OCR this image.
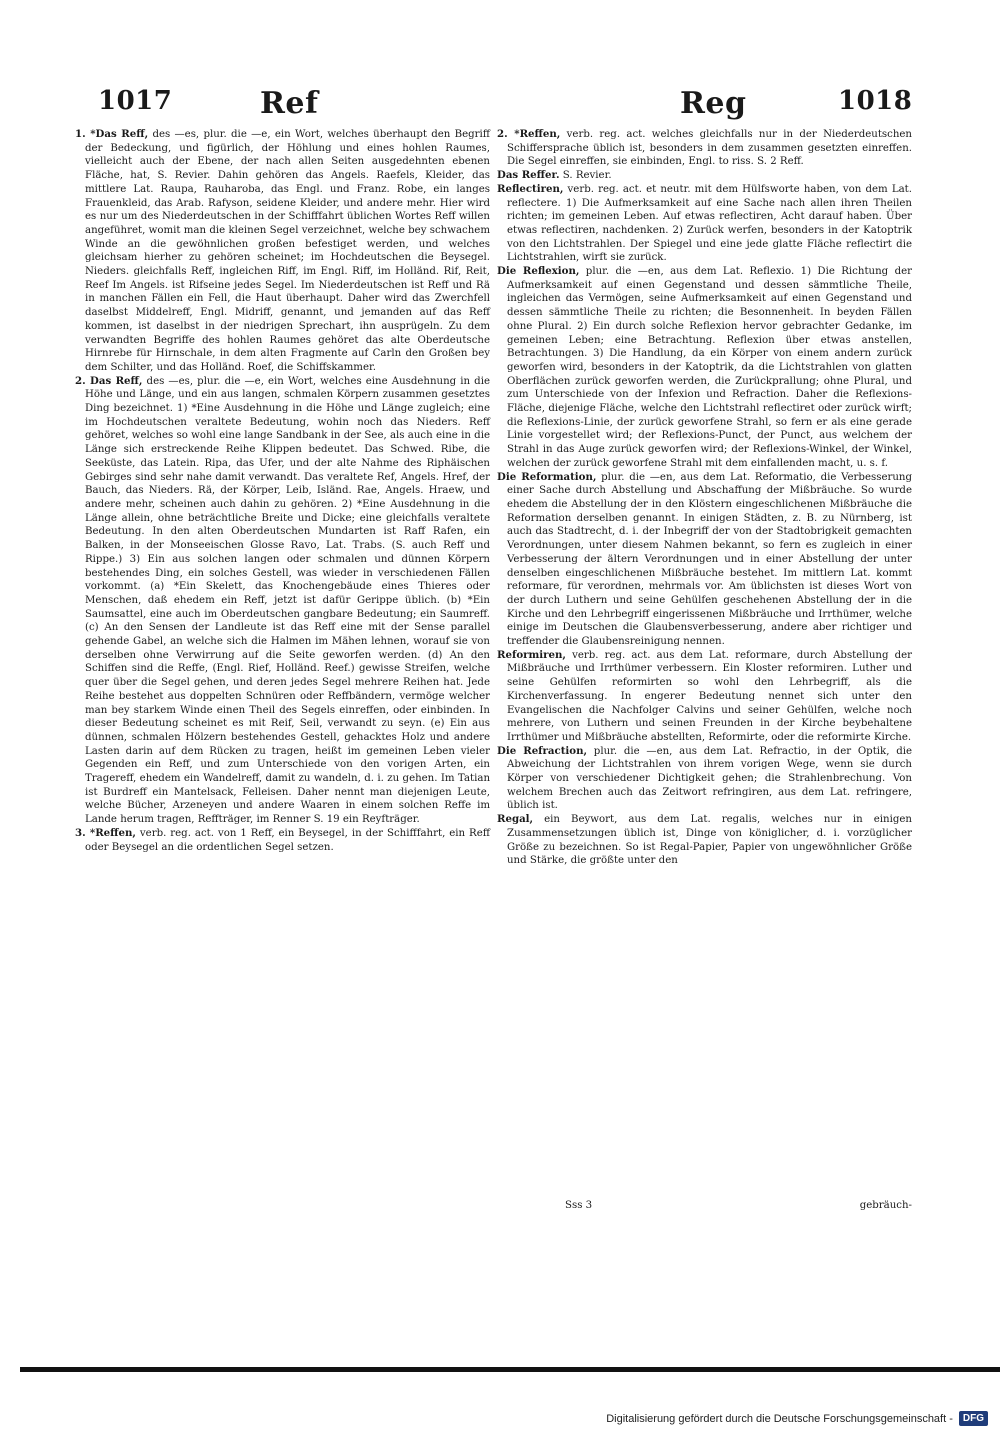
1017	Ref	Reg	1018

1. *Das Reff, des —es, plur. die —e, ein Wort, welches überhaupt den Begriff der Bedeckung, und figürlich, der Höhlung und eines hohlen Raumes, vielleicht auch der Ebene, der nach allen Seiten ausgedehnten ebenen Fläche, hat, S. Revier. Dahin gehören das Angels. Raefels, Kleider, das mittlere Lat. Raupa, Rauharoba, das Engl. und Franz. Robe, ein langes Frauenkleid, das Arab. Rafyson, seidene Kleider, und andere mehr. Hier wird es nur um des Niederdeutschen in der Schifffahrt üblichen Wortes Reff willen angeführet, womit man die kleinen Segel verzeichnet, welche bey schwachem Winde an die gewöhnlichen großen befestiget werden, und welches gleichsam hierher zu gehören scheinet; im Hochdeutschen die Beysegel. Nieders. gleichfalls Reff, ingleichen Riff, im Engl. Riff, im Holländ. Rif, Reit, Reef Im Angels. ist Rifseine jedes Segel. Im Niederdeutschen ist Reff und Rä in manchen Fällen ein Fell, die Haut überhaupt. Daher wird das Zwerchfell daselbst Middelreff, Engl. Midriff, genannt, und jemanden auf das Reff kommen, ist daselbst in der niedrigen Sprechart, ihn ausprügeln. Zu dem verwandten Begriffe des hohlen Raumes gehöret das alte Oberdeutsche Hirnrebe für Hirnschale, in dem alten Fragmente auf Carln den Großen bey dem Schilter, und das Holländ. Roef, die Schiffskammer.

2. Das Reff, des —es, plur. die —e, ein Wort, welches eine Ausdehnung in die Höhe und Länge, und ein aus langen, schmalen Körpern zusammen gesetztes Ding bezeichnet. 1) *Eine Ausdehnung in die Höhe und Länge zugleich; eine im Hochdeutschen veraltete Bedeutung, wohin noch das Nieders. Reff gehöret, welches so wohl eine lange Sandbank in der See, als auch eine in die Länge sich erstreckende Reihe Klippen bedeutet. Das Schwed. Ribe, die Seeküste, das Latein. Ripa, das Ufer, und der alte Nahme des Riphäischen Gebirges sind sehr nahe damit verwandt. Das veraltete Ref, Angels. Href, der Bauch, das Nieders. Rä, der Körper, Leib, Isländ. Rae, Angels. Hraew, und andere mehr, scheinen auch dahin zu gehören. 2) *Eine Ausdehnung in die Länge allein, ohne beträchtliche Breite und Dicke; eine gleichfalls veraltete Bedeutung. In den alten Oberdeutschen Mundarten ist Raff Rafen, ein Balken, in der Monseeischen Glosse Ravo, Lat. Trabs. (S. auch Reff und Rippe.) 3) Ein aus solchen langen oder schmalen und dünnen Körpern bestehendes Ding, ein solches Gestell, was wieder in verschiedenen Fällen vorkommt. (a) *Ein Skelett, das Knochengebäude eines Thieres oder Menschen, daß ehedem ein Reff, jetzt ist dafür Gerippe üblich. (b) *Ein Saumsattel, eine auch im Oberdeutschen gangbare Bedeutung; ein Saumreff. (c) An den Sensen der Landleute ist das Reff eine mit der Sense parallel gehende Gabel, an welche sich die Halmen im Mähen lehnen, worauf sie von derselben ohne Verwirrung auf die Seite geworfen werden. (d) An den Schiffen sind die Reffe, (Engl. Rief, Holländ. Reef.) gewisse Streifen, welche quer über die Segel gehen, und deren jedes Segel mehrere Reihen hat. Jede Reihe bestehet aus doppelten Schnüren oder Reffbändern, vermöge welcher man bey starkem Winde einen Theil des Segels einreffen, oder einbinden. In dieser Bedeutung scheinet es mit Reif, Seil, verwandt zu seyn. (e) Ein aus dünnen, schmalen Hölzern bestehendes Gestell, gehacktes Holz und andere Lasten darin auf dem Rücken zu tragen, heißt im gemeinen Leben vieler Gegenden ein Reff, und zum Unterschiede von den vorigen Arten, ein Tragereff, ehedem ein Wandelreff, damit zu wandeln, d. i. zu gehen. Im Tatian ist Burdreff ein Mantelsack, Felleisen. Daher nennt man diejenigen Leute, welche Bücher, Arzeneyen und andere Waaren in einem solchen Reffe im Lande herum tragen, Reffträger, im Renner S. 19 ein Reyfträger.

3. *Reffen, verb. reg. act. von 1 Reff, ein Beysegel, in der Schifffahrt, ein Reff oder Beysegel an die ordentlichen Segel setzen.

2. *Reffen, verb. reg. act. welches gleichfalls nur in der Niederdeutschen Schiffersprache üblich ist, besonders in dem zusammen gesetzten einreffen. Die Segel einreffen, sie einbinden, Engl. to riss. S. 2 Reff.

Das Reffer. S. Revier.

Reflectiren, verb. reg. act. et neutr. mit dem Hülfsworte haben, von dem Lat. reflectere. 1) Die Aufmerksamkeit auf eine Sache nach allen ihren Theilen richten; im gemeinen Leben. Auf etwas reflectiren, Acht darauf haben. Über etwas reflectiren, nachdenken. 2) Zurück werfen, besonders in der Katoptrik von den Lichtstrahlen. Der Spiegel und eine jede glatte Fläche reflectirt die Lichtstrahlen, wirft sie zurück.

Die Reflexion, plur. die —en, aus dem Lat. Reflexio. 1) Die Richtung der Aufmerksamkeit auf einen Gegenstand und dessen sämmtliche Theile, ingleichen das Vermögen, seine Aufmerksamkeit auf einen Gegenstand und dessen sämmtliche Theile zu richten; die Besonnenheit. In beyden Fällen ohne Plural. 2) Ein durch solche Reflexion hervor gebrachter Gedanke, im gemeinen Leben; eine Betrachtung. Reflexion über etwas anstellen, Betrachtungen. 3) Die Handlung, da ein Körper von einem andern zurück geworfen wird, besonders in der Katoptrik, da die Lichtstrahlen von glatten Oberflächen zurück geworfen werden, die Zurückprallung; ohne Plural, und zum Unterschiede von der Infexion und Refraction. Daher die Reflexions-Fläche, diejenige Fläche, welche den Lichtstrahl reflectiret oder zurück wirft; die Reflexions-Linie, der zurück geworfene Strahl, so fern er als eine gerade Linie vorgestellet wird; der Reflexions-Punct, der Punct, aus welchem der Strahl in das Auge zurück geworfen wird; der Reflexions-Winkel, der Winkel, welchen der zurück geworfene Strahl mit dem einfallenden macht, u. s. f.

Die Reformation, plur. die —en, aus dem Lat. Reformatio, die Verbesserung einer Sache durch Abstellung und Abschaffung der Mißbräuche. So wurde ehedem die Abstellung der in den Klöstern eingeschlichenen Mißbräuche die Reformation derselben genannt. In einigen Städten, z. B. zu Nürnberg, ist auch das Stadtrecht, d. i. der Inbegriff der von der Stadtobrigkeit gemachten Verordnungen, unter diesem Nahmen bekannt, so fern es zugleich in einer Verbesserung der ältern Verordnungen und in einer Abstellung der unter denselben eingeschlichenen Mißbräuche bestehet. Im mittlern Lat. kommt reformare, für verordnen, mehrmals vor. Am üblichsten ist dieses Wort von der durch Luthern und seine Gehülfen geschehenen Abstellung der in die Kirche und den Lehrbegriff eingerissenen Mißbräuche und Irrthümer, welche einige im Deutschen die Glaubensverbesserung, andere aber richtiger und treffender die Glaubensreinigung nennen.

Reformiren, verb. reg. act. aus dem Lat. reformare, durch Abstellung der Mißbräuche und Irrthümer verbessern. Ein Kloster reformiren. Luther und seine Gehülfen reformirten so wohl den Lehrbegriff, als die Kirchenverfassung. In engerer Bedeutung nennet sich unter den Evangelischen die Nachfolger Calvins und seiner Gehülfen, welche noch mehrere, von Luthern und seinen Freunden in der Kirche beybehaltene Irrthümer und Mißbräuche abstellten, Reformirte, oder die reformirte Kirche.

Die Refraction, plur. die —en, aus dem Lat. Refractio, in der Optik, die Abweichung der Lichtstrahlen von ihrem vorigen Wege, wenn sie durch Körper von verschiedener Dichtigkeit gehen; die Strahlenbrechung. Von welchem Brechen auch das Zeitwort refringiren, aus dem Lat. refringere, üblich ist.

Regal, ein Beywort, aus dem Lat. regalis, welches nur in einigen Zusammensetzungen üblich ist, Dinge von königlicher, d. i. vorzüglicher Größe zu bezeichnen. So ist Regal-Papier, Papier von ungewöhnlicher Größe und Stärke, die größte unter den

Sss 3	gebräuch-
Digitalisierung gefördert durch die Deutsche Forschungsgemeinschaft -	DFG
